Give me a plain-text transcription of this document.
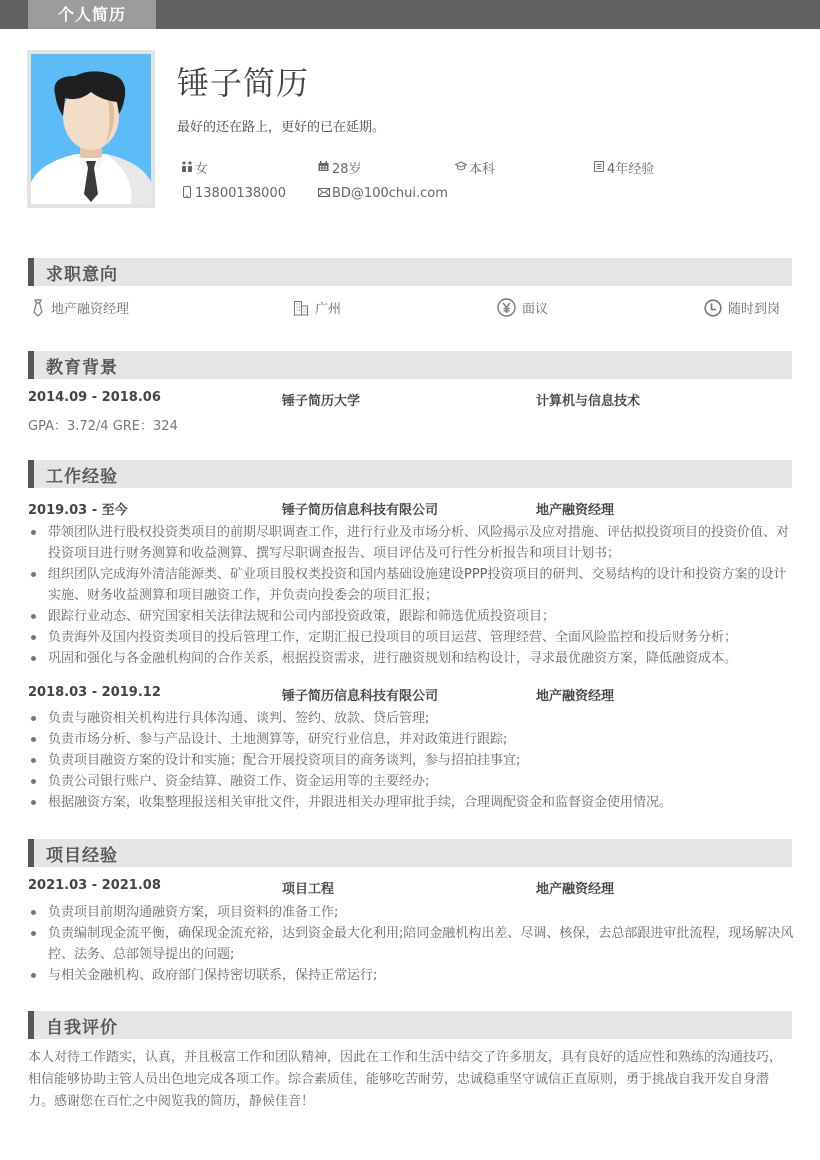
个人简历
锤子简历
最好的还在路上，更好的已在延期。
女	28岁	本科	4年经验
13800138000	BD@100chui.com
求职意向
地产融资经理	广州	面议	随时到岗
教育背景
2014.09 - 2018.06	锤子简历大学	计算机与信息技术
GPA：3.72/4 GRE：324
工作经验
2019.03 - 至今	锤子简历信息科技有限公司	地产融资经理
带领团队进行股权投资类项目的前期尽职调查工作，进行行业及市场分析、风险揭示及应对措施、评估拟投资项目的投资价值、对投资项目进行财务测算和收益测算、撰写尽职调查报告、项目评估及可行性分析报告和项目计划书；
组织团队完成海外清洁能源类、矿业项目股权类投资和国内基础设施建设PPP投资项目的研判、交易结构的设计和投资方案的设计实施、财务收益测算和项目融资工作，并负责向投委会的项目汇报；
跟踪行业动态、研究国家相关法律法规和公司内部投资政策，跟踪和筛选优质投资项目；
负责海外及国内投资类项目的投后管理工作，定期汇报已投项目的项目运营、管理经营、全面风险监控和投后财务分析；
巩固和强化与各金融机构间的合作关系，根据投资需求，进行融资规划和结构设计，寻求最优融资方案，降低融资成本。
2018.03 - 2019.12	锤子简历信息科技有限公司	地产融资经理
负责与融资相关机构进行具体沟通、谈判、签约、放款、贷后管理;
负责市场分析、参与产品设计、土地测算等，研究行业信息，并对政策进行跟踪;
负责项目融资方案的设计和实施；配合开展投资项目的商务谈判，参与招拍挂事宜;
负责公司银行账户、资金结算、融资工作、资金运用等的主要经办;
根据融资方案，收集整理报送相关审批文件，并跟进相关办理审批手续，合理调配资金和监督资金使用情况。
项目经验
2021.03 - 2021.08	项目工程	地产融资经理
负责项目前期沟通融资方案，项目资料的准备工作;
负责编制现金流平衡，确保现金流充裕，达到资金最大化利用;陪同金融机构出差、尽调、核保，去总部跟进审批流程，现场解决风控、法务、总部领导提出的问题;
与相关金融机构、政府部门保持密切联系，保持正常运行;
自我评价
本人对待工作踏实，认真，并且极富工作和团队精神，因此在工作和生活中结交了许多朋友，具有良好的适应性和熟练的沟通技巧，相信能够协助主管人员出色地完成各项工作。综合素质佳，能够吃苦耐劳，忠诚稳重坚守诚信正直原则，勇于挑战自我开发自身潜力。感谢您在百忙之中阅览我的简历，静候佳音！
